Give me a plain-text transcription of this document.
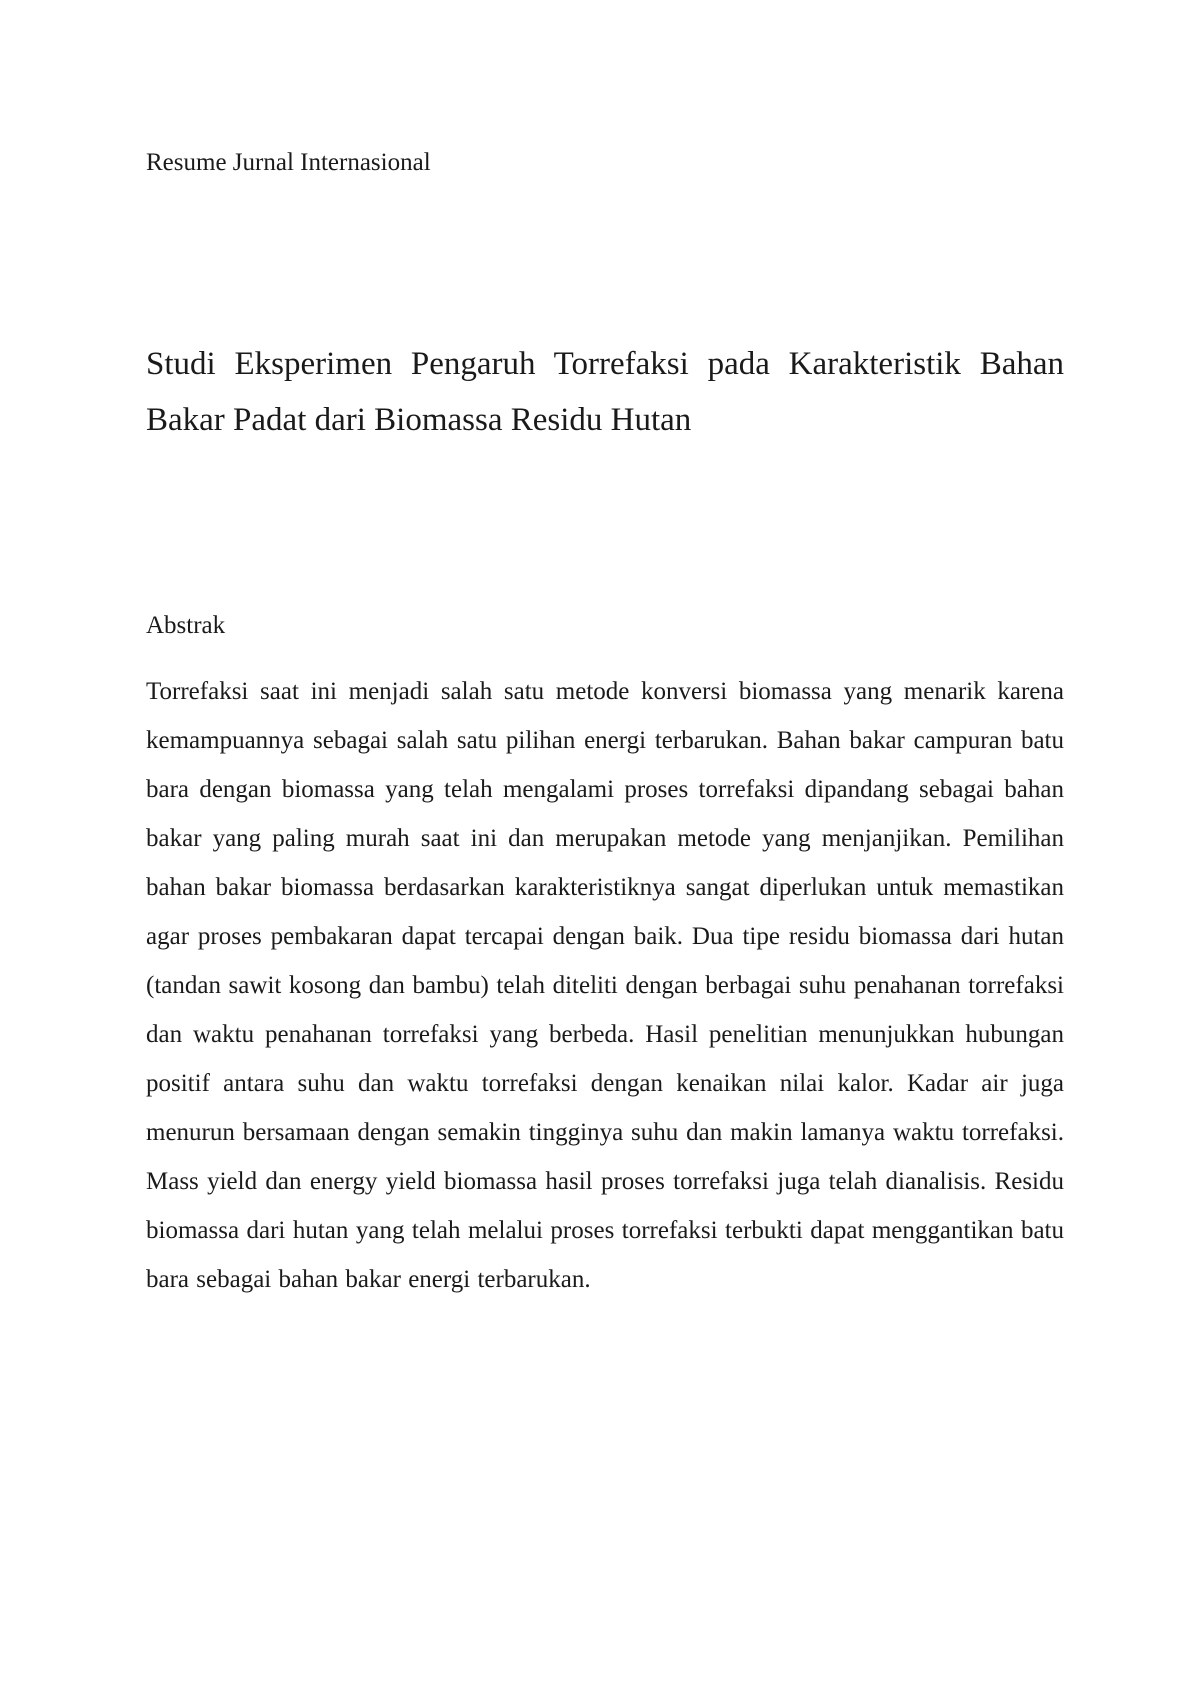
Resume Jurnal Internasional

Studi Eksperimen Pengaruh Torrefaksi pada Karakteristik Bahan Bakar Padat dari Biomassa Residu Hutan
Abstrak

Torrefaksi saat ini menjadi salah satu metode konversi biomassa yang menarik karena kemampuannya sebagai salah satu pilihan energi terbarukan. Bahan bakar campuran batu bara dengan biomassa yang telah mengalami proses torrefaksi dipandang sebagai bahan bakar yang paling murah saat ini dan merupakan metode yang menjanjikan. Pemilihan bahan bakar biomassa berdasarkan karakteristiknya sangat diperlukan untuk memastikan agar proses pembakaran dapat tercapai dengan baik. Dua tipe residu biomassa dari hutan (tandan sawit kosong dan bambu) telah diteliti dengan berbagai suhu penahanan torrefaksi dan waktu penahanan torrefaksi yang berbeda. Hasil penelitian menunjukkan hubungan positif antara suhu dan waktu torrefaksi dengan kenaikan nilai kalor. Kadar air juga menurun bersamaan dengan semakin tingginya suhu dan makin lamanya waktu torrefaksi. Mass yield dan energy yield biomassa hasil proses torrefaksi juga telah dianalisis. Residu biomassa dari hutan yang telah melalui proses torrefaksi terbukti dapat menggantikan batu bara sebagai bahan bakar energi terbarukan.
